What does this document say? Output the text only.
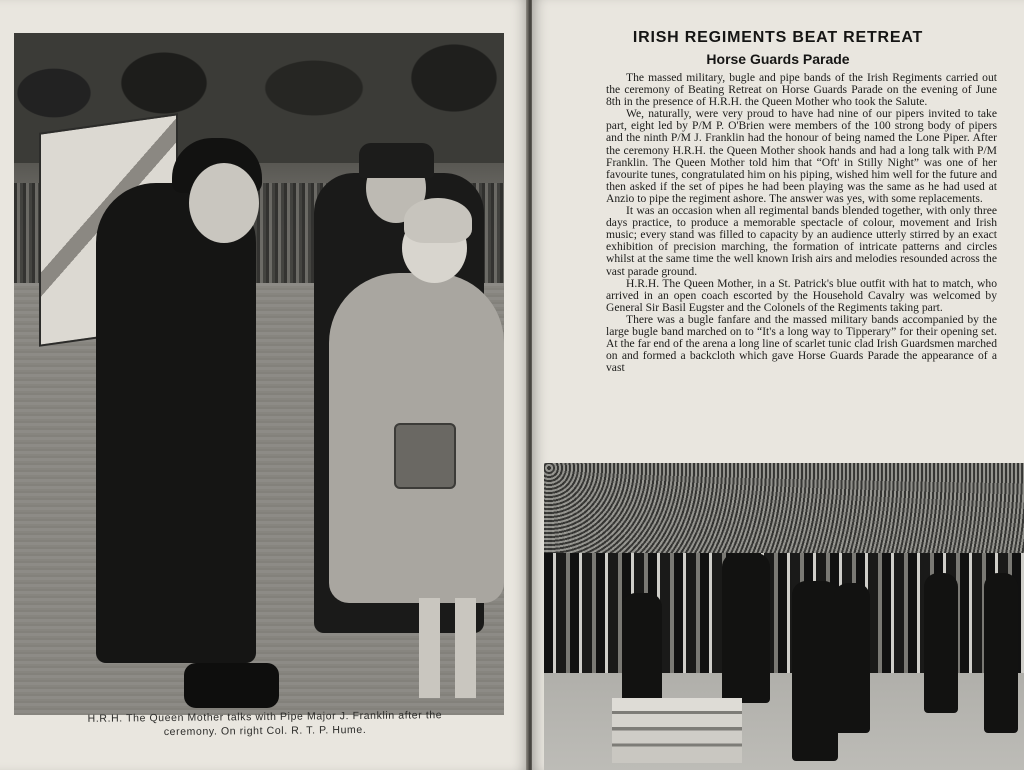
H.R.H. The Queen Mother talks with Pipe Major J. Franklin after the
ceremony. On right Col. R. T. P. Hume.
IRISH REGIMENTS BEAT RETREAT
Horse Guards Parade

The massed military, bugle and pipe bands of the Irish Regiments carried out the ceremony of Beating Retreat on Horse Guards Parade on the evening of June 8th in the presence of H.R.H. the Queen Mother who took the Salute.

We, naturally, were very proud to have had nine of our pipers invited to take part, eight led by P/M P. O'Brien were members of the 100 strong body of pipers and the ninth P/M J. Franklin had the honour of being named the Lone Piper. After the ceremony H.R.H. the Queen Mother shook hands and had a long talk with P/M Franklin. The Queen Mother told him that “Oft' in Stilly Night” was one of her favourite tunes, congratulated him on his piping, wished him well for the future and then asked if the set of pipes he had been playing was the same as he had used at Anzio to pipe the regiment ashore. The answer was yes, with some replacements.

It was an occasion when all regimental bands blended together, with only three days practice, to produce a memorable spectacle of colour, movement and Irish music; every stand was filled to capacity by an audience utterly stirred by an exact exhibition of precision marching, the formation of intricate patterns and circles whilst at the same time the well known Irish airs and melodies resounded across the vast parade ground.

H.R.H. The Queen Mother, in a St. Patrick's blue outfit with hat to match, who arrived in an open coach escorted by the Household Cavalry was welcomed by General Sir Basil Eugster and the Colonels of the Regiments taking part.

There was a bugle fanfare and the massed military bands accompanied by the large bugle band marched on to “It's a long way to Tipperary” for their opening set. At the far end of the arena a long line of scarlet tunic clad Irish Guardsmen marched on and formed a backcloth which gave Horse Guards Parade the appearance of a vast
